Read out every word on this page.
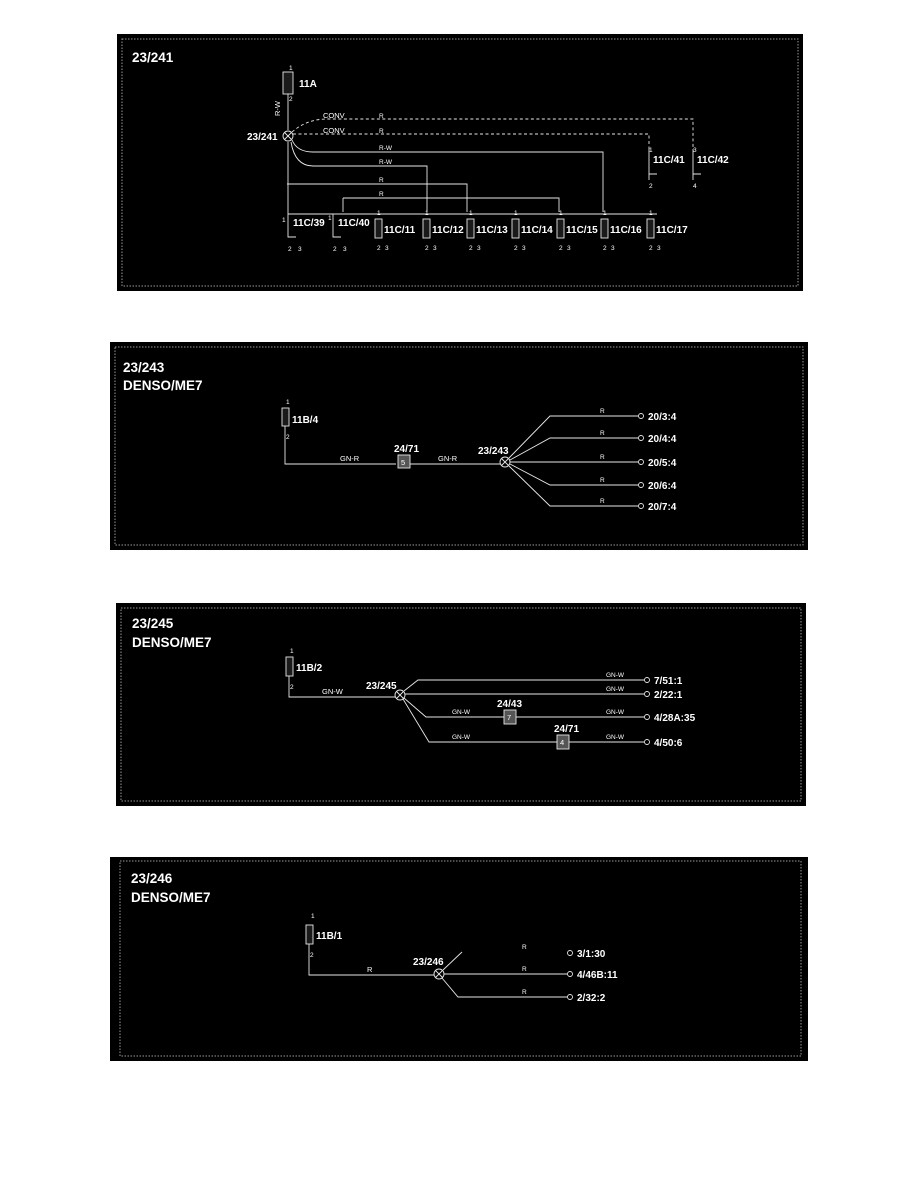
23/241
1
2
11A
R-W
23/241
CONV
CONV
R
R
R-W
R-W
R
R
1
2
11C/41
3
4
11C/42
1 11C/39
2 3
1 11C/40
2 3
1
11C/11
2 3
1
11C/12
2 3
1
11C/13
2 3
1
11C/14
2 3
1
11C/15
2 3
1
11C/16
2 3
1
11C/17
2 3
23/243
DENSO/ME7
1
11B/4
2
GN-R
24/71
5	GN-R
23/243
R
20/3:4
R
20/4:4
R
20/5:4
R
20/6:4
R
20/7:4
23/245
DENSO/ME7
1
11B/2
2	GN-W 23/245
GN-W
7/51:1
GN-W
2/22:1
GN-W
24/43
7
GN-W
4/28A:35
GN-W
24/71
4
GN-W
4/50:6
23/246
DENSO/ME7
1
11B/1
2
R
23/246
R
3/1:30
R
4/46B:11
R
2/32:2
